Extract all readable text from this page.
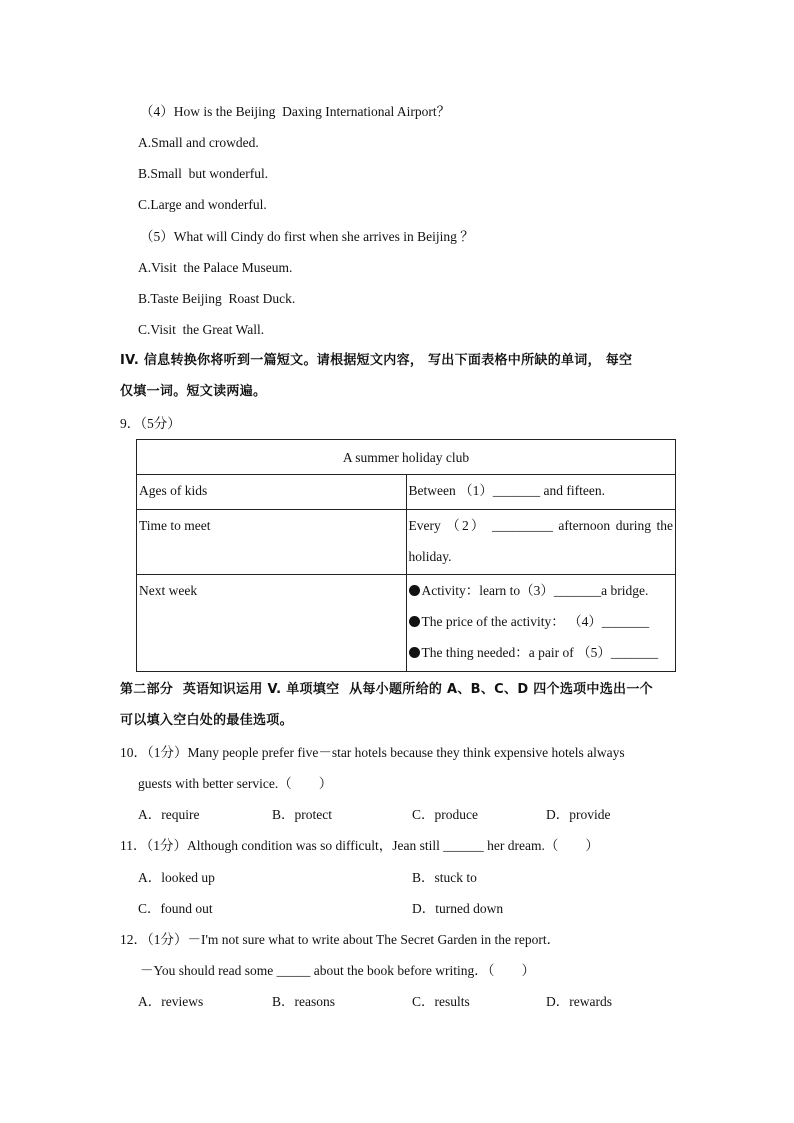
（4）How is the Beijing  Daxing International Airport？
A.Small and crowded.
B.Small  but wonderful.
C.Large and wonderful.
（5）What will Cindy do first when she arrives in Beijing ？
A.Visit  the Palace Museum.
B.Taste Beijing  Roast Duck.
C.Visit  the Great Wall.
IV. 信息转换你将听到一篇短文。请根据短文内容， 写出下面表格中所缺的单词， 每空
仅填一词。短文读两遍。
9．（5分）
A summer holiday club	
Ages of kids	Between （1）_______ and fifteen.
Time to meet	Every （2） _________ afternoon during the
holiday.

Next week	Activity：learn to（3）_______a bridge.
The price of the activity： （4）_______
The thing needed：a pair of （5）_______
第二部分  英语知识运用 V. 单项填空  从每小题所给的 A、B、C、D 四个选项中选出一个
可以填入空白处的最佳选项。
10．（1分）Many people prefer five－star hotels because they think expensive hotels always
guests with better service.（        ）
A．require	B．protect	C．produce	D．provide
11．（1分）Although condition was so difficult，Jean still ______ her dream.（        ）
A．looked up	B．stuck to
C．found out	D．turned down
12．（1分）－I'm not sure what to write about The Secret Garden in the report．
－You should read some _____ about the book before writing．（        ）
A．reviews	B．reasons	C．results	D．rewards
